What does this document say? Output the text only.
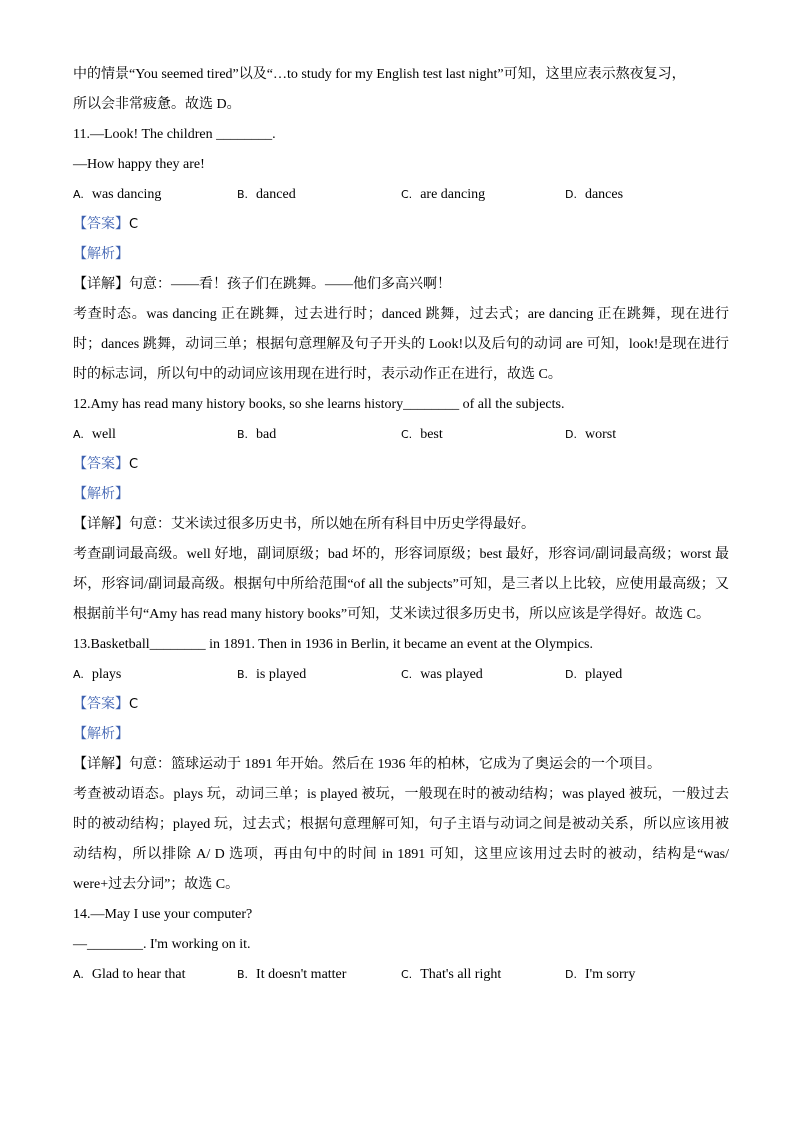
中的情景“You seemed tired”以及“…to study for my English test last night”可知，这里应表示熬夜复习，
所以会非常疲惫。故选 D。
11.—Look! The children ________.
—How happy they are!
A. was dancing	B. danced	C. are dancing	D. dances
【答案】C
【解析】
【详解】句意：——看！孩子们在跳舞。——他们多高兴啊！
考查时态。was dancing 正在跳舞，过去进行时；danced 跳舞，过去式；are dancing 正在跳舞，现在进行时；dances 跳舞，动词三单；根据句意理解及句子开头的 Look!以及后句的动词 are 可知，look!是现在进行时的标志词，所以句中的动词应该用现在进行时，表示动作正在进行，故选 C。
12.Amy has read many history books, so she learns history________ of all the subjects.
A. well	B. bad	C. best	D. worst
【答案】C
【解析】
【详解】句意：艾米读过很多历史书，所以她在所有科目中历史学得最好。
考查副词最高级。well 好地，副词原级；bad 坏的，形容词原级；best 最好，形容词/副词最高级；worst 最坏，形容词/副词最高级。根据句中所给范围“of all the subjects”可知，是三者以上比较，应使用最高级；又根据前半句“Amy has read many history books”可知，艾米读过很多历史书，所以应该是学得好。故选 C。
13.Basketball________ in 1891. Then in 1936 in Berlin, it became an event at the Olympics.
A. plays	B. is played	C. was played	D. played
【答案】C
【解析】
【详解】句意：篮球运动于 1891 年开始。然后在 1936 年的柏林，它成为了奥运会的一个项目。
考查被动语态。plays 玩，动词三单；is played 被玩，一般现在时的被动结构；was played 被玩，一般过去时的被动结构；played 玩，过去式；根据句意理解可知，句子主语与动词之间是被动关系，所以应该用被动结构，所以排除 A/ D 选项，再由句中的时间 in 1891 可知，这里应该用过去时的被动，结构是“was/ were+过去分词”；故选 C。
14.—May I use your computer?
—________. I'm working on it.
A. Glad to hear that	B. It doesn't matter	C. That's all right	D. I'm sorry
